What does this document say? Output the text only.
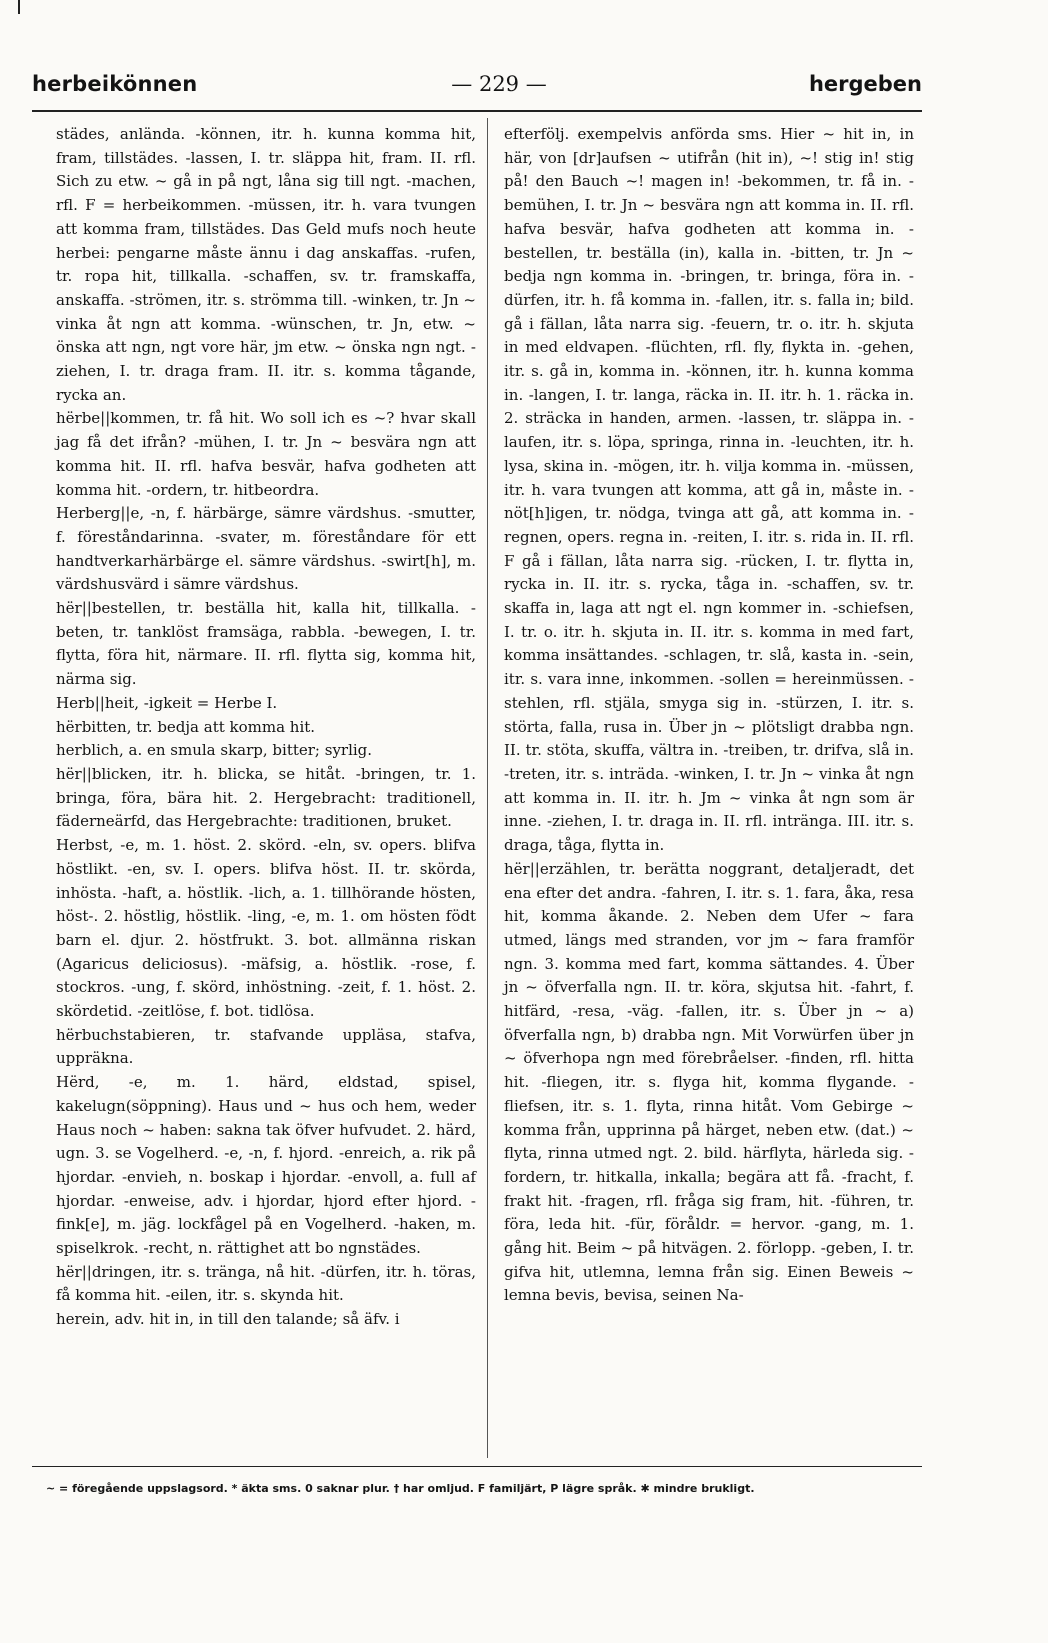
herbeikönnen	— 229 —	hergeben

städes, anlända. -können, itr. h. kunna komma hit, fram, tillstädes. -lassen, I. tr. släppa hit, fram. II. rfl. Sich zu etw. ~ gå in på ngt, låna sig till ngt. -machen, rfl. F = herbeikommen. -müssen, itr. h. vara tvungen att komma fram, tillstädes. Das Geld mufs noch heute herbei: pengarne måste ännu i dag anskaffas. -rufen, tr. ropa hit, tillkalla. -schaffen, sv. tr. framskaffa, anskaffa. -strömen, itr. s. strömma till. -winken, tr. Jn ~ vinka åt ngn att komma. -wünschen, tr. Jn, etw. ~ önska att ngn, ngt vore här, jm etw. ~ önska ngn ngt. -ziehen, I. tr. draga fram. II. itr. s. komma tågande, rycka an.

hërbe||kommen, tr. få hit. Wo soll ich es ~? hvar skall jag få det ifrån? -mühen, I. tr. Jn ~ besvära ngn att komma hit. II. rfl. hafva besvär, hafva godheten att komma hit. -ordern, tr. hitbeordra.

Herberg||e, -n, f. härbärge, sämre värdshus. -smutter, f. föreståndarinna. -svater, m. föreståndare för ett handtverkarhärbärge el. sämre värdshus. -swirt[h], m. värdshusvärd i sämre värdshus.

hër||bestellen, tr. beställa hit, kalla hit, tillkalla. -beten, tr. tanklöst framsäga, rabbla. -bewegen, I. tr. flytta, föra hit, närmare. II. rfl. flytta sig, komma hit, närma sig.

Herb||heit, -igkeit = Herbe I.

hërbitten, tr. bedja att komma hit.

herblich, a. en smula skarp, bitter; syrlig.

hër||blicken, itr. h. blicka, se hitåt. -bringen, tr. 1. bringa, föra, bära hit. 2. Hergebracht: traditionell, fäderneärfd, das Hergebrachte: traditionen, bruket.

Herbst, -e, m. 1. höst. 2. skörd. -eln, sv. opers. blifva höstlikt. -en, sv. I. opers. blifva höst. II. tr. skörda, inhösta. -haft, a. höstlik. -lich, a. 1. tillhörande hösten, höst-. 2. höstlig, höstlik. -ling, -e, m. 1. om hösten födt barn el. djur. 2. höstfrukt. 3. bot. allmänna riskan (Agaricus deliciosus). -mäfsig, a. höstlik. -rose, f. stockros. -ung, f. skörd, inhöstning. -zeit, f. 1. höst. 2. skördetid. -zeitlöse, f. bot. tidlösa.

hërbuchstabieren, tr. stafvande uppläsa, stafva, uppräkna.

Hërd, -e, m. 1. härd, eldstad, spisel, kakelugn(söppning). Haus und ~ hus och hem, weder Haus noch ~ haben: sakna tak öfver hufvudet. 2. härd, ugn. 3. se Vogelherd. -e, -n, f. hjord. -enreich, a. rik på hjordar. -envieh, n. boskap i hjordar. -envoll, a. full af hjordar. -enweise, adv. i hjordar, hjord efter hjord. -fink[e], m. jäg. lockfågel på en Vogelherd. -haken, m. spiselkrok. -recht, n. rättighet att bo ngnstädes.

hër||dringen, itr. s. tränga, nå hit. -dürfen, itr. h. töras, få komma hit. -eilen, itr. s. skynda hit.

herein, adv. hit in, in till den talande; så äfv. i

efterfölj. exempelvis anförda sms. Hier ~ hit in, in här, von [dr]aufsen ~ utifrån (hit in), ~! stig in! stig på! den Bauch ~! magen in! -bekommen, tr. få in. -bemühen, I. tr. Jn ~ besvära ngn att komma in. II. rfl. hafva besvär, hafva godheten att komma in. -bestellen, tr. beställa (in), kalla in. -bitten, tr. Jn ~ bedja ngn komma in. -bringen, tr. bringa, föra in. -dürfen, itr. h. få komma in. -fallen, itr. s. falla in; bild. gå i fällan, låta narra sig. -feuern, tr. o. itr. h. skjuta in med eldvapen. -flüchten, rfl. fly, flykta in. -gehen, itr. s. gå in, komma in. -können, itr. h. kunna komma in. -langen, I. tr. langa, räcka in. II. itr. h. 1. räcka in. 2. sträcka in handen, armen. -lassen, tr. släppa in. -laufen, itr. s. löpa, springa, rinna in. -leuchten, itr. h. lysa, skina in. -mögen, itr. h. vilja komma in. -müssen, itr. h. vara tvungen att komma, att gå in, måste in. -nöt[h]igen, tr. nödga, tvinga att gå, att komma in. -regnen, opers. regna in. -reiten, I. itr. s. rida in. II. rfl. F gå i fällan, låta narra sig. -rücken, I. tr. flytta in, rycka in. II. itr. s. rycka, tåga in. -schaffen, sv. tr. skaffa in, laga att ngt el. ngn kommer in. -schiefsen, I. tr. o. itr. h. skjuta in. II. itr. s. komma in med fart, komma insättandes. -schlagen, tr. slå, kasta in. -sein, itr. s. vara inne, inkommen. -sollen = hereinmüssen. -stehlen, rfl. stjäla, smyga sig in. -stürzen, I. itr. s. störta, falla, rusa in. Über jn ~ plötsligt drabba ngn. II. tr. stöta, skuffa, vältra in. -treiben, tr. drifva, slå in. -treten, itr. s. inträda. -winken, I. tr. Jn ~ vinka åt ngn att komma in. II. itr. h. Jm ~ vinka åt ngn som är inne. -ziehen, I. tr. draga in. II. rfl. inträngа. III. itr. s. draga, tåga, flytta in.

hër||erzählen, tr. berätta noggrant, detaljeradt, det ena efter det andra. -fahren, I. itr. s. 1. fara, åka, resa hit, komma åkande. 2. Neben dem Ufer ~ fara utmed, längs med stranden, vor jm ~ fara framför ngn. 3. komma med fart, komma sättandes. 4. Über jn ~ öfverfalla ngn. II. tr. köra, skjutsa hit. -fahrt, f. hitfärd, -resa, -väg. -fallen, itr. s. Über jn ~ a) öfverfalla ngn, b) drabba ngn. Mit Vorwürfen über jn ~ öfverhopa ngn med förebråelser. -finden, rfl. hitta hit. -fliegen, itr. s. flyga hit, komma flygande. -fliefsen, itr. s. 1. flyta, rinna hitåt. Vom Gebirge ~ komma från, upprinna på härget, neben etw. (dat.) ~ flyta, rinna utmed ngt. 2. bild. härflyta, härleda sig. -fordern, tr. hitkalla, inkalla; begära att få. -fracht, f. frakt hit. -fragen, rfl. fråga sig fram, hit. -führen, tr. föra, leda hit. -für, föråldr. = hervor. -gang, m. 1. gång hit. Beim ~ på hitvägen. 2. förlopp. -geben, I. tr. gifva hit, utlemna, lemna från sig. Einen Beweis ~ lemna bevis, bevisa, seinen Na-

~ = föregående uppslagsord. * äkta sms. 0 saknar plur. † har omljud. F familjärt, P lägre språk. ✱ mindre brukligt.
